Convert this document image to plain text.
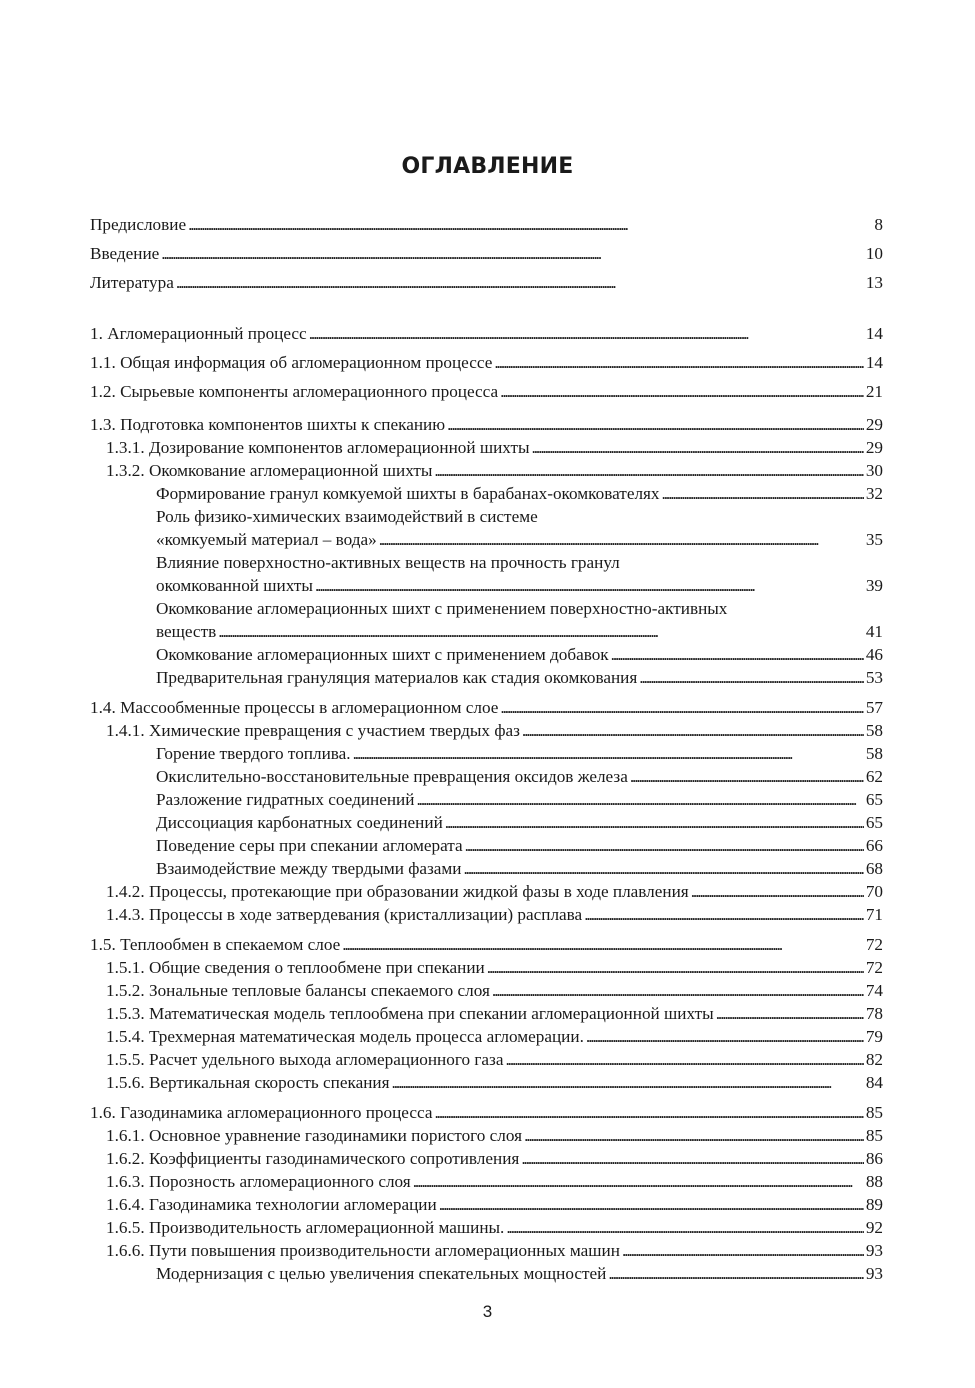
ОГЛАВЛЕНИЕ
Предисловие . . .	8
Введение . . .	10
Литература . . .	13
1. Агломерационный процесс . . .	14
1.1. Общая информация об агломерационном процессе . . .	14
1.2. Сырьевые компоненты агломерационного процесса . . .	21
1.3. Подготовка компонентов шихты к спеканию . . .	29
1.3.1. Дозирование компонентов агломерационной шихты . . .	29
1.3.2. Окомкование агломерационной шихты . . .	30
Формирование гранул комкуемой шихты в барабанах-окомкователях . . .	32
Роль физико-химических взаимодействий в системе
«комкуемый материал – вода» . . .	35
Влияние поверхностно-активных веществ на прочность гранул
окомкованной шихты . . .	39
Окомкование агломерационных шихт с применением поверхностно-активных
веществ . . .	41
Окомкование агломерационных шихт с применением добавок . . .	46
Предварительная грануляция материалов как стадия окомкования . . .	53
1.4. Массообменные процессы в агломерационном слое . . .	57
1.4.1. Химические превращения с участием твердых фаз . . .	58
Горение твердого топлива. . . .	58
Окислительно-восстановительные превращения оксидов железа . . .	62
Разложение гидратных соединений . . .	65
Диссоциация карбонатных соединений . . .	65
Поведение серы при спекании агломерата . . .	66
Взаимодействие между твердыми фазами . . .	68
1.4.2. Процессы, протекающие при образовании жидкой фазы в ходе плавления . . .	70
1.4.3. Процессы в ходе затвердевания (кристаллизации) расплава . . .	71
1.5. Теплообмен в спекаемом слое . . .	72
1.5.1. Общие сведения о теплообмене при спекании . . .	72
1.5.2. Зональные тепловые балансы спекаемого слоя . . .	74
1.5.3. Математическая модель теплообмена при спекании агломерационной шихты . . .	78
1.5.4. Трехмерная математическая модель процесса агломерации. . . .	79
1.5.5. Расчет удельного выхода агломерационного газа . . .	82
1.5.6. Вертикальная скорость спекания . . .	84
1.6. Газодинамика агломерационного процесса . . .	85
1.6.1. Основное уравнение газодинамики пористого слоя . . .	85
1.6.2. Коэффициенты газодинамического сопротивления . . .	86
1.6.3. Порозность агломерационного слоя . . .	88
1.6.4. Газодинамика технологии агломерации . . .	89
1.6.5. Производительность агломерационной машины. . . .	92
1.6.6. Пути повышения производительности агломерационных машин . . .	93
Модернизация с целью увеличения спекательных мощностей . . .	93
3
